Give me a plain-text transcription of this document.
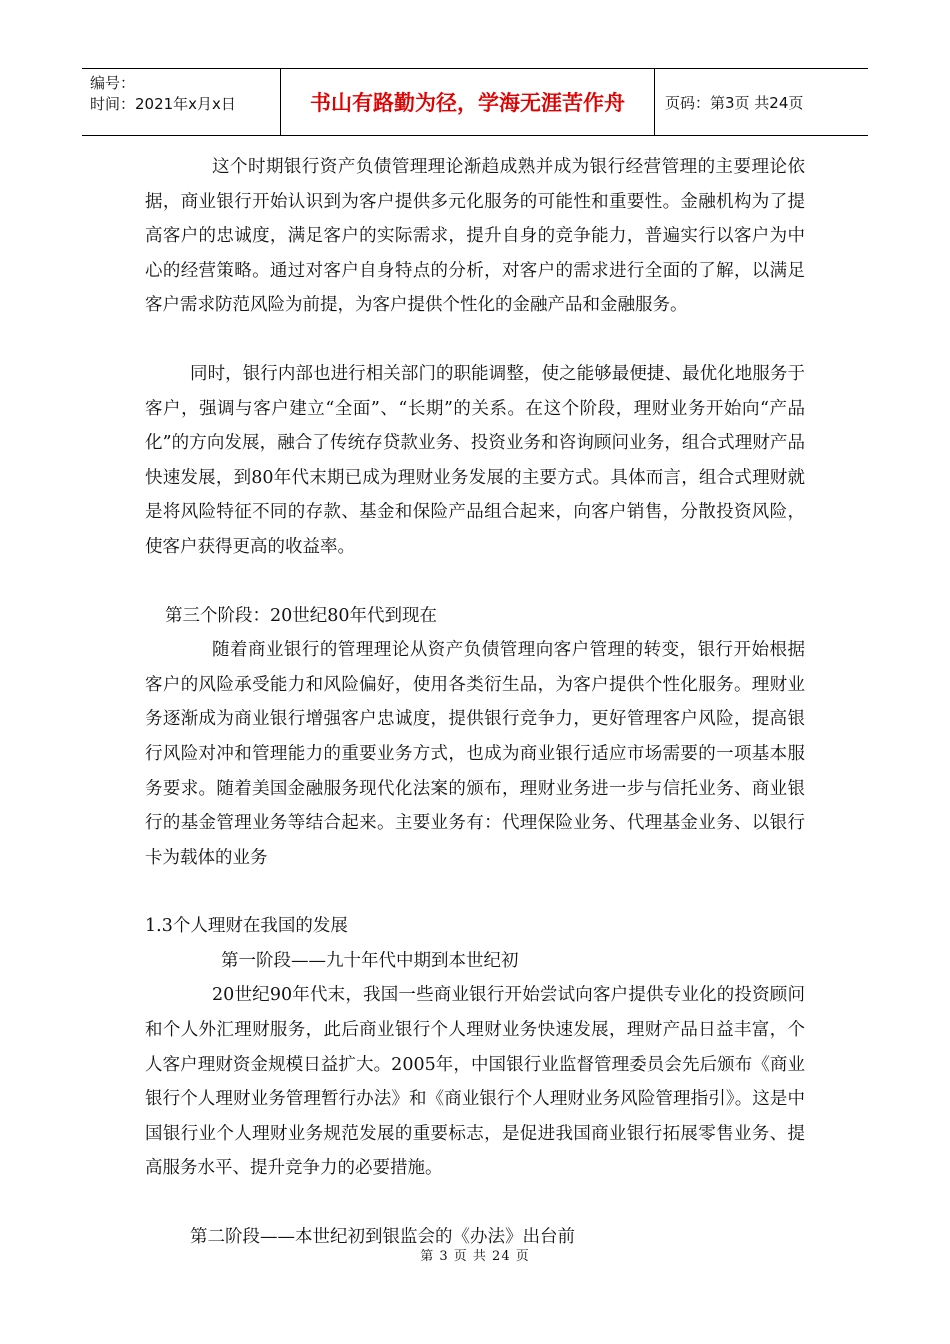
编号：
时间：2021年x月x日	书山有路勤为径，学海无涯苦作舟	页码：第3页 共24页

这个时期银行资产负债管理理论渐趋成熟并成为银行经营管理的主要理论依据，商业银行开始认识到为客户提供多元化服务的可能性和重要性。金融机构为了提高客户的忠诚度，满足客户的实际需求，提升自身的竞争能力，普遍实行以客户为中心的经营策略。通过对客户自身特点的分析，对客户的需求进行全面的了解，以满足客户需求防范风险为前提，为客户提供个性化的金融产品和金融服务。

同时，银行内部也进行相关部门的职能调整，使之能够最便捷、最优化地服务于客户，强调与客户建立“全面”、“长期”的关系。在这个阶段，理财业务开始向“产品化”的方向发展，融合了传统存贷款业务、投资业务和咨询顾问业务，组合式理财产品快速发展，到80年代末期已成为理财业务发展的主要方式。具体而言，组合式理财就是将风险特征不同的存款、基金和保险产品组合起来，向客户销售，分散投资风险，使客户获得更高的收益率。

第三个阶段：20世纪80年代到现在

随着商业银行的管理理论从资产负债管理向客户管理的转变，银行开始根据客户的风险承受能力和风险偏好，使用各类衍生品，为客户提供个性化服务。理财业务逐渐成为商业银行增强客户忠诚度，提供银行竞争力，更好管理客户风险，提高银行风险对冲和管理能力的重要业务方式，也成为商业银行适应市场需要的一项基本服务要求。随着美国金融服务现代化法案的颁布，理财业务进一步与信托业务、商业银行的基金管理业务等结合起来。主要业务有：代理保险业务、代理基金业务、以银行卡为载体的业务

1.3个人理财在我国的发展

第一阶段——九十年代中期到本世纪初

20世纪90年代末，我国一些商业银行开始尝试向客户提供专业化的投资顾问和个人外汇理财服务，此后商业银行个人理财业务快速发展，理财产品日益丰富，个人客户理财资金规模日益扩大。2005年，中国银行业监督管理委员会先后颁布《商业银行个人理财业务管理暂行办法》和《商业银行个人理财业务风险管理指引》。这是中国银行业个人理财业务规范发展的重要标志，是促进我国商业银行拓展零售业务、提高服务水平、提升竞争力的必要措施。

第二阶段——本世纪初到银监会的《办法》出台前

第 3 页 共 24 页
